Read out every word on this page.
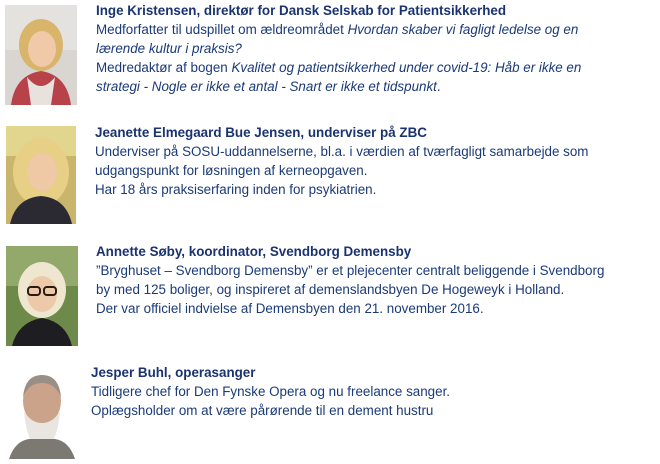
Inge Kristensen, direktør for Dansk Selskab for Patientsikkerhed
Medforfatter til udspillet om ældreområdet Hvordan skaber vi fagligt ledelse og en
lærende kultur i praksis?
Medredaktør af bogen Kvalitet og patientsikkerhed under covid-19: Håb er ikke en
strategi - Nogle er ikke et antal - Snart er ikke et tidspunkt.
Jeanette Elmegaard Bue Jensen, underviser på ZBC
Underviser på SOSU-uddannelserne, bl.a. i værdien af tværfagligt samarbejde som
udgangspunkt for løsningen af kerneopgaven.
Har 18 års praksiserfaring inden for psykiatrien.
Annette Søby, koordinator, Svendborg Demensby
”Bryghuset – Svendborg Demensby” er et plejecenter centralt beliggende i Svendborg
by med 125 boliger, og inspireret af demenslandsbyen De Hogeweyk i Holland.
Der var officiel indvielse af Demensbyen den 21. november 2016.
Jesper Buhl, operasanger
Tidligere chef for Den Fynske Opera og nu freelance sanger.
Oplægsholder om at være pårørende til en dement hustru
